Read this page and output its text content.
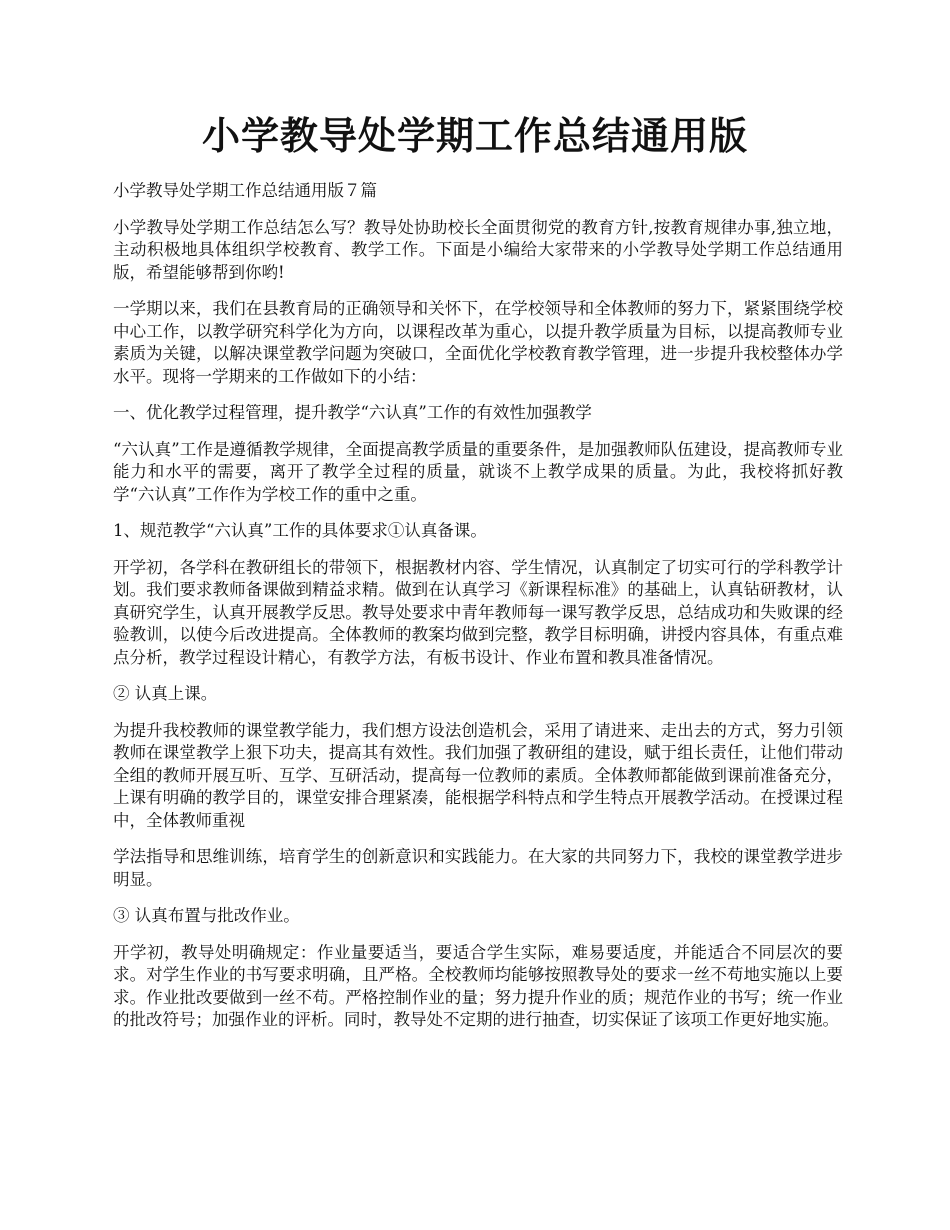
小学教导处学期工作总结通用版

小学教导处学期工作总结通用版７篇

小学教导处学期工作总结怎么写？教导处协助校长全面贯彻党的教育方针,按教育规律办事,独立地，主动积极地具体组织学校教育、教学工作。下面是小编给大家带来的小学教导处学期工作总结通用版，希望能够帮到你哟!

一学期以来，我们在县教育局的正确领导和关怀下，在学校领导和全体教师的努力下，紧紧围绕学校中心工作，以教学研究科学化为方向，以课程改革为重心，以提升教学质量为目标，以提高教师专业素质为关键，以解决课堂教学问题为突破口，全面优化学校教育教学管理，进一步提升我校整体办学水平。现将一学期来的工作做如下的小结：

一、优化教学过程管理，提升教学“六认真”工作的有效性加强教学

“六认真”工作是遵循教学规律，全面提高教学质量的重要条件，是加强教师队伍建设，提高教师专业能力和水平的需要，离开了教学全过程的质量，就谈不上教学成果的质量。为此，我校将抓好教学“六认真”工作作为学校工作的重中之重。

1、规范教学“六认真”工作的具体要求①认真备课。

开学初，各学科在教研组长的带领下，根据教材内容、学生情况，认真制定了切实可行的学科教学计划。我们要求教师备课做到精益求精。做到在认真学习《新课程标准》的基础上，认真钻研教材，认真研究学生，认真开展教学反思。教导处要求中青年教师每一课写教学反思，总结成功和失败课的经验教训，以使今后改进提高。全体教师的教案均做到完整，教学目标明确，讲授内容具体，有重点难点分析，教学过程设计精心，有教学方法，有板书设计、作业布置和教具准备情况。

② 认真上课。

为提升我校教师的课堂教学能力，我们想方设法创造机会，采用了请进来、走出去的方式，努力引领教师在课堂教学上狠下功夫，提高其有效性。我们加强了教研组的建设，赋于组长责任，让他们带动全组的教师开展互听、互学、互研活动，提高每一位教师的素质。全体教师都能做到课前准备充分，上课有明确的教学目的，课堂安排合理紧凑，能根据学科特点和学生特点开展教学活动。在授课过程中，全体教师重视

学法指导和思维训练，培育学生的创新意识和实践能力。在大家的共同努力下，我校的课堂教学进步明显。

③ 认真布置与批改作业。

开学初，教导处明确规定：作业量要适当，要适合学生实际，难易要适度，并能适合不同层次的要求。对学生作业的书写要求明确，且严格。全校教师均能够按照教导处的要求一丝不苟地实施以上要求。作业批改要做到一丝不苟。严格控制作业的量；努力提升作业的质；规范作业的书写；统一作业的批改符号；加强作业的评析。同时，教导处不定期的进行抽查，切实保证了该项工作更好地实施。
